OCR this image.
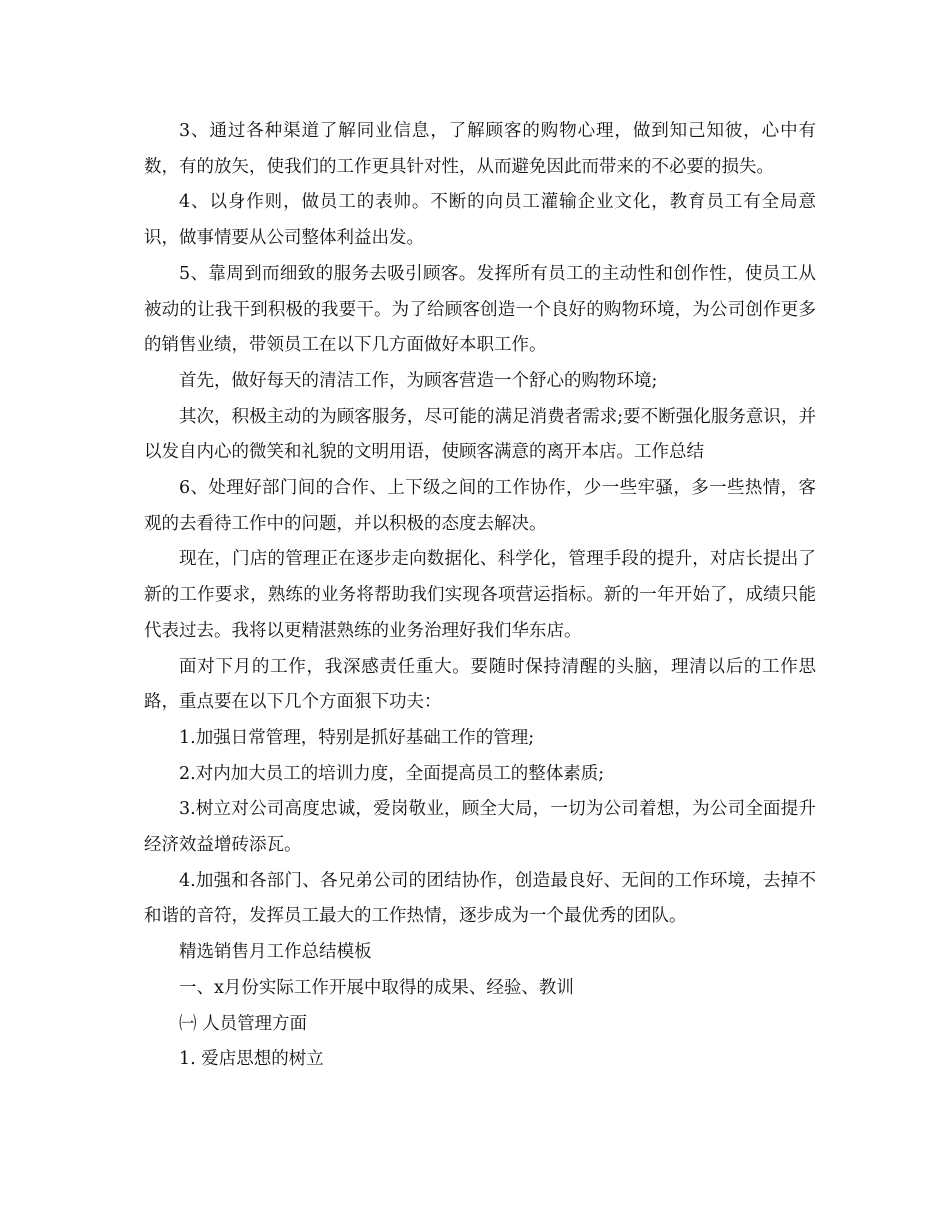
3、通过各种渠道了解同业信息，了解顾客的购物心理，做到知己知彼，心中有数，有的放矢，使我们的工作更具针对性，从而避免因此而带来的不必要的损失。

4、以身作则，做员工的表帅。不断的向员工灌输企业文化，教育员工有全局意识，做事情要从公司整体利益出发。

5、靠周到而细致的服务去吸引顾客。发挥所有员工的主动性和创作性，使员工从被动的让我干到积极的我要干。为了给顾客创造一个良好的购物环境，为公司创作更多的销售业绩，带领员工在以下几方面做好本职工作。

首先，做好每天的清洁工作，为顾客营造一个舒心的购物环境;

其次，积极主动的为顾客服务，尽可能的满足消费者需求;要不断强化服务意识，并以发自内心的微笑和礼貌的文明用语，使顾客满意的离开本店。工作总结

6、处理好部门间的合作、上下级之间的工作协作，少一些牢骚，多一些热情，客观的去看待工作中的问题，并以积极的态度去解决。

现在，门店的管理正在逐步走向数据化、科学化，管理手段的提升，对店长提出了新的工作要求，熟练的业务将帮助我们实现各项营运指标。新的一年开始了，成绩只能代表过去。我将以更精湛熟练的业务治理好我们华东店。

面对下月的工作，我深感责任重大。要随时保持清醒的头脑，理清以后的工作思路，重点要在以下几个方面狠下功夫：

1.加强日常管理，特别是抓好基础工作的管理;

2.对内加大员工的培训力度，全面提高员工的整体素质;

3.树立对公司高度忠诚，爱岗敬业，顾全大局，一切为公司着想，为公司全面提升经济效益增砖添瓦。

4.加强和各部门、各兄弟公司的团结协作，创造最良好、无间的工作环境，去掉不和谐的音符，发挥员工最大的工作热情，逐步成为一个最优秀的团队。

精选销售月工作总结模板

一、x月份实际工作开展中取得的成果、经验、教训

㈠ 人员管理方面

1. 爱店思想的树立
